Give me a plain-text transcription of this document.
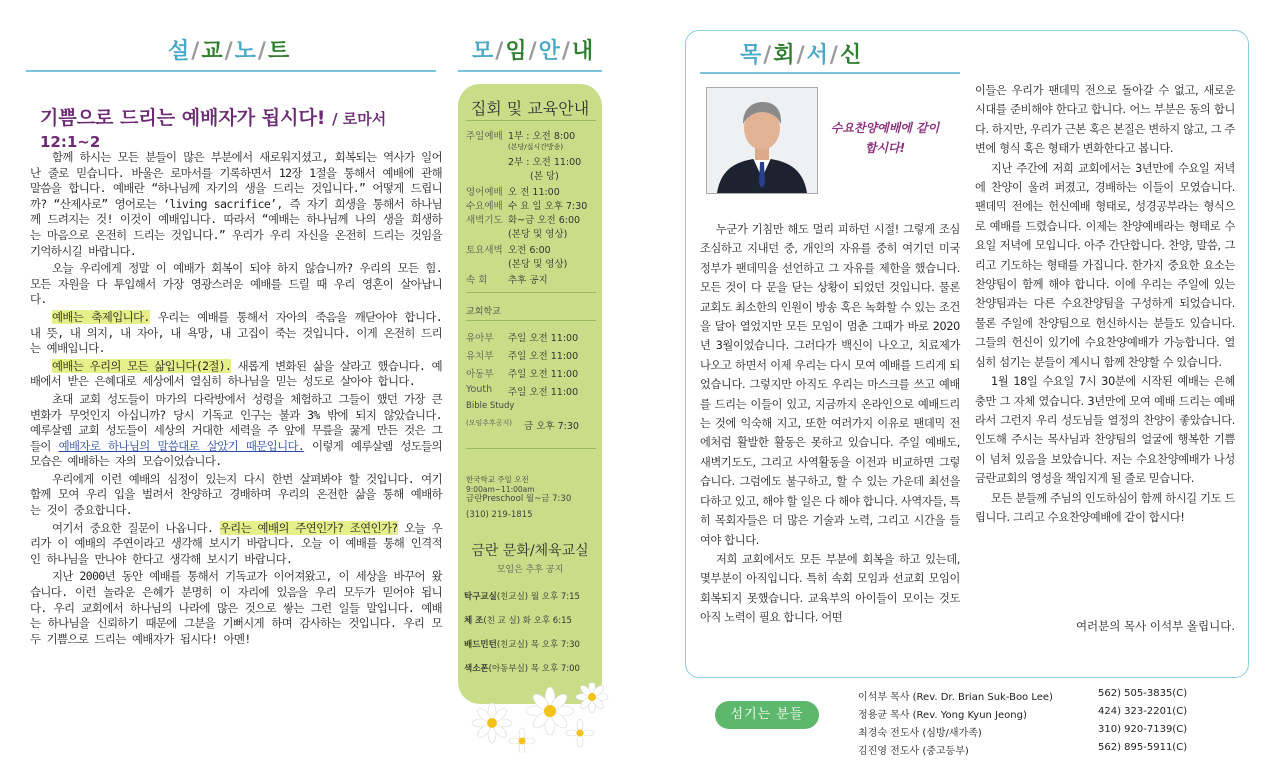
설/교/노/트
기쁨으로 드리는 예배자가 됩시다! / 로마서 12:1~2

함께 하시는 모든 분들이 많은 부분에서 새로워지셨고, 회복되는 역사가 일어난 줄로 믿습니다. 바울은 로마서를 기록하면서 12장 1절을 통해서 예배에 관해 말씀을 합니다. 예배란 “하나님께 자기의 생을 드리는 것입니다.” 어떻게 드립니까? “산제사로” 영어로는 ‘living sacrifice’, 즉 자기 희생을 통해서 하나님께 드려지는 것! 이것이 예배입니다. 따라서 “예배는 하나님께 나의 생을 희생하는 마음으로 온전히 드리는 것입니다.” 우리가 우리 자신을 온전히 드리는 것임을 기억하시길 바랍니다.

오늘 우리에게 정말 이 예배가 회복이 되야 하지 않습니까? 우리의 모든 힘. 모든 자원을 다 투입해서 가장 영광스러운 예배를 드릴 때 우리 영혼이 살아납니다.

예배는 축제입니다. 우리는 예배를 통해서 자아의 죽음을 깨닫아야 합니다. 내 뜻, 내 의지, 내 자아, 내 욕망, 내 고집이 죽는 것입니다. 이게 온전히 드리는 예배입니다.

예배는 우리의 모든 삶입니다(2절). 새롭게 변화된 삶을 살라고 했습니다. 예배에서 받은 은혜대로 세상에서 열심히 하나님을 믿는 성도로 살아야 합니다.

초대 교회 성도들이 마가의 다락방에서 성령을 체험하고 그들이 했던 가장 큰 변화가 무엇인지 아십니까? 당시 기독교 인구는 불과 3% 밖에 되지 않았습니다. 예루살렘 교회 성도들이 세상의 거대한 세력을 주 앞에 무릎을 꿇게 만든 것은 그들이 예배자로 하나님의 말씀대로 살았기 때문입니다. 이렇게 예루살렘 성도들의 모습은 예배하는 자의 모습이었습니다.

우리에게 이런 예배의 심정이 있는지 다시 한번 살펴봐야 할 것입니다. 여기 함께 모여 우리 입을 벌려서 찬양하고 경배하며 우리의 온전한 삶을 통해 예배하는 것이 중요합니다.

여기서 중요한 질문이 나옵니다. 우리는 예배의 주연인가? 조연인가? 오늘 우리가 이 예배의 주연이라고 생각해 보시기 바랍니다. 오늘 이 예배를 통해 인격적인 하나님을 만나야 한다고 생각해 보시기 바랍니다.

지난 2000년 동안 예배를 통해서 기독교가 이어져왔고, 이 세상을 바꾸어 왔습니다. 이런 놀라운 은혜가 분명히 이 자리에 있음을 우리 모두가 믿어야 됩니다. 우리 교회에서 하나님의 나라에 많은 것으로 쌓는 그런 일들 말입니다. 예배는 하나님을 신뢰하기 때문에 그분을 기뻐시게 하며 감사하는 것입니다. 우리 모두 기쁨으로 드리는 예배자가 됩시다! 아멘!

모/임/안/내
집회 및 교육안내
주일예배 1부 : 오전 8:00
(본당/실시간방송)
2부 : 오전 11:00
(본 당)
영어예배 오 전 11:00
수요예배 수 요 일 오후 7:30
새벽기도 화~금 오전 6:00
(본당 및 영상)
토요새벽 오전 6:00
(본당 및 영상)
속 회	추후 공지
교회학교
유아부	주일 오전 11:00
유치부	주일 오전 11:00
아동부	주일 오전 11:00
Youth	주일 오전 11:00
Bible Study
(모임추후공지)	금 오후 7:30
한국학교 주일 오전 9:00am~11:00am
금란Preschool 월~금 7:30
(310) 219-1815
금란 문화/체육교실
모임은 추후 공지
탁구교실(친교실) 월 오후 7:15
체 조(친 교 실) 화 오후 6:15
배드민턴(친교실) 목 오후 7:30
색소폰(아동부실) 목 오후 7:00
목/회/서/신
수요찬양예배에 같이 합시다!

누군가 기침만 해도 멀리 피하던 시절! 그렇게 조심 조심하고 지내던 중, 개인의 자유를 중히 여기던 미국 정부가 팬데믹을 선언하고 그 자유를 제한을 했습니다. 모든 것이 다 문을 닫는 상황이 되었던 것입니다. 물론 교회도 최소한의 인원이 방송 혹은 녹화할 수 있는 조건을 달아 열었지만 모든 모임이 멈춘 그때가 바로 2020년 3월이었습니다. 그러다가 백신이 나오고, 치료제가 나오고 하면서 이제 우리는 다시 모여 예배를 드리게 되었습니다. 그렇지만 아직도 우리는 마스크를 쓰고 예배를 드리는 이들이 있고, 지금까지 온라인으로 예배드리는 것에 익숙해 지고, 또한 여러가지 이유로 팬데믹 전에처럼 활발한 활동은 못하고 있습니다. 주일 예배도, 새벽기도도, 그리고 사역활동을 이전과 비교하면 그렇습니다. 그럼에도 불구하고, 할 수 있는 가운데 최선을 다하고 있고, 해야 할 일은 다 해야 합니다. 사역자들, 특히 목회자들은 더 많은 기술과 노력, 그리고 시간을 들여야 합니다.

저희 교회에서도 모든 부분에 회복을 하고 있는데, 몇부분이 아직입니다. 특히 속회 모임과 선교회 모임이 회복되지 못했습니다. 교육부의 아이들이 모이는 것도 아직 노력이 필요 합니다. 어떤

이들은 우리가 팬데믹 전으로 돌아갈 수 없고, 새로운 시대를 준비해야 한다고 합니다. 어느 부분은 동의 합니다. 하지만, 우리가 근본 혹은 본질은 변하지 않고, 그 주변에 형식 혹은 형태가 변화한다고 봅니다.

지난 주간에 저희 교회에서는 3년만에 수요일 저녁에 찬양이 울려 퍼졌고, 경배하는 이들이 모였습니다. 팬데믹 전에는 헌신예배 형태로, 성경공부라는 형식으로 예배를 드렸습니다. 이제는 찬양예배라는 형태로 수요일 저녁에 모입니다. 아주 간단합니다. 찬양, 말씀, 그리고 기도하는 형태를 가집니다. 한가지 중요한 요소는 찬양팀이 함께 해야 합니다. 이에 우리는 주일에 있는 찬양팀과는 다른 수요찬양팀을 구성하게 되었습니다. 물론 주일에 찬양팀으로 헌신하시는 분들도 있습니다. 그들의 헌신이 있기에 수요찬양예배가 가능합니다. 열심히 섬기는 분들이 계시니 함께 찬양할 수 있습니다.

1월 18일 수요일 7시 30분에 시작된 예배는 은혜 충만 그 자체 였습니다. 3년만에 모여 예배 드리는 예배라서 그런지 우리 성도님들 열정의 찬양이 좋았습니다. 인도해 주시는 목사님과 찬양팀의 얼굴에 행복한 기쁨이 넘쳐 있음을 보았습니다. 저는 수요찬양예배가 나성금란교회의 영성을 책임지게 될 줄로 믿습니다.

모든 분들께 주님의 인도하심이 함께 하시길 기도 드립니다. 그리고 수요찬양예배에 같이 합시다!

여러분의 목사 이석부 올립니다.
섬기는 분들
이석부 목사 (Rev. Dr. Brian Suk-Boo Lee)	562) 505-3835(C)
정용균 목사 (Rev. Yong Kyun Jeong)	424) 323-2201(C)
최경숙 전도사 (심방/새가족)	310) 920-7139(C)
김진영 전도사 (중고등부)	562) 895-5911(C)
